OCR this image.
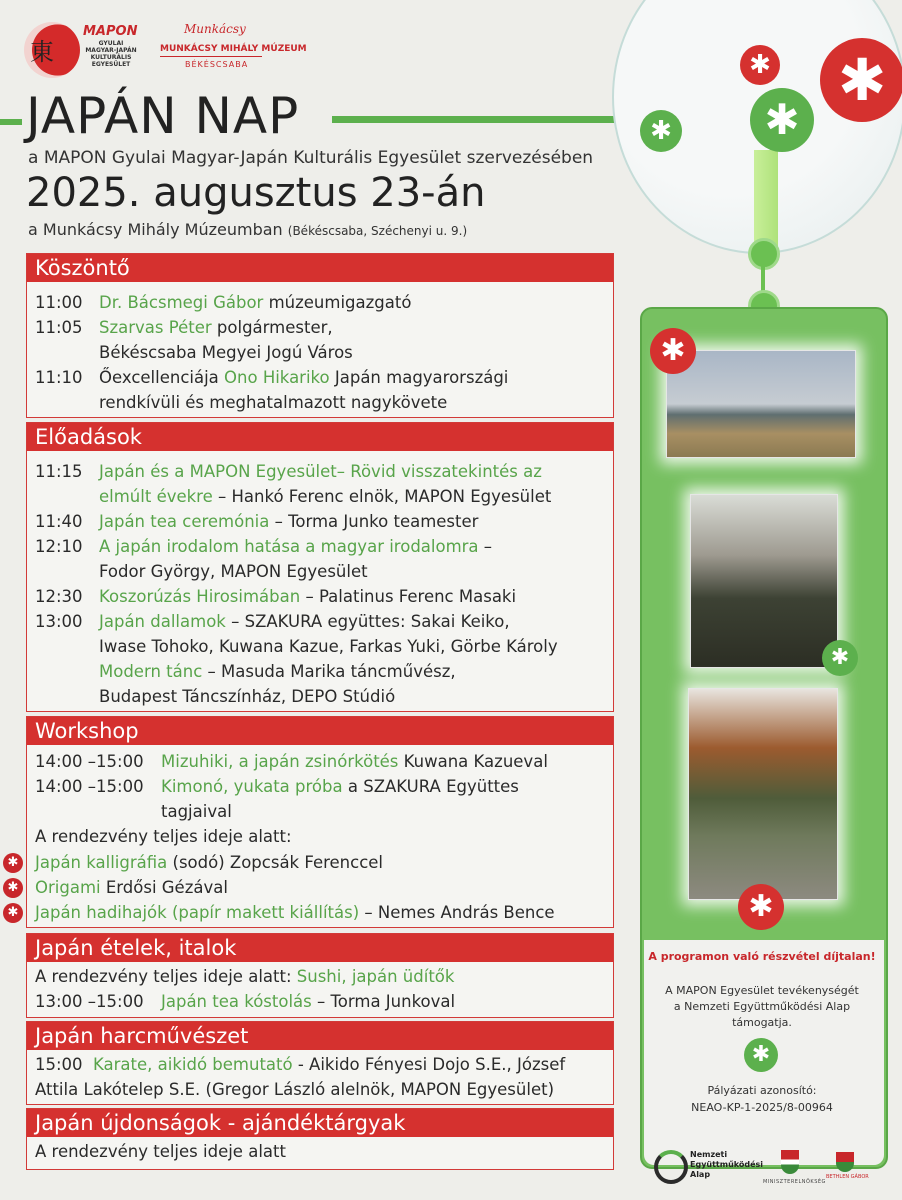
東
MAPON
GYULAI MAGYAR-JAPÁN KULTURÁLIS EGYESÜLET
Munkácsy
MUNKÁCSY MIHÁLY MÚZEUM
BÉKÉSCSABA
JAPÁN NAP
a MAPON Gyulai Magyar-Japán Kulturális Egyesület szervezésében
2025. augusztus 23-án
a Munkácsy Mihály Múzeumban (Békéscsaba, Széchenyi u. 9.)
✱
✱
✱
✱
✱
✱
✱
A programon való részvétel díjtalan!
A MAPON Egyesület tevékenységét
a Nemzeti Együttműködési Alap
támogatja.
✱
Pályázati azonosító:
NEAO-KP-1-2025/8-00964
Nemzeti
Együttműködési
Alap
MINISZTERELNÖKSÉG
BETHLEN GÁBOR
Köszöntő
11:00 Dr. Bácsmegi Gábor múzeumigazgató
11:05 Szarvas Péter polgármester,
Békéscsaba Megyei Jogú Város
11:10 Őexcellenciája Ono Hikariko Japán magyarországi
rendkívüli és meghatalmazott nagykövete
Előadások
11:15 Japán és a MAPON Egyesület– Rövid visszatekintés az
elmúlt évekre – Hankó Ferenc elnök, MAPON Egyesület
11:40 Japán tea ceremónia – Torma Junko teamester
12:10 A japán irodalom hatása a magyar irodalomra –
Fodor György, MAPON Egyesület
12:30 Koszorúzás Hirosimában – Palatinus Ferenc Masaki
13:00 Japán dallamok – SZAKURA együttes: Sakai Keiko,
Iwase Tohoko, Kuwana Kazue, Farkas Yuki, Görbe Károly
Modern tánc – Masuda Marika táncművész,
Budapest Táncszínház, DEPO Stúdió
Workshop
14:00 –15:00 Mizuhiki, a japán zsinórkötés Kuwana Kazueval
14:00 –15:00 Kimonó, yukata próba a SZAKURA Együttes
tagjaival
A rendezvény teljes ideje alatt:
✱ Japán kalligráfia (sodó) Zopcsák Ferenccel
✱ Origami Erdősi Gézával
✱ Japán hadihajók (papír makett kiállítás) – Nemes András Bence
Japán ételek, italok
A rendezvény teljes ideje alatt: Sushi, japán üdítők
13:00 –15:00 Japán tea kóstolás – Torma Junkoval
Japán harcművészet
15:00 Karate, aikidó bemutató - Aikido Fényesi Dojo S.E., József
Attila Lakótelep S.E. (Gregor László alelnök, MAPON Egyesület)
Japán újdonságok - ajándéktárgyak
A rendezvény teljes ideje alatt
